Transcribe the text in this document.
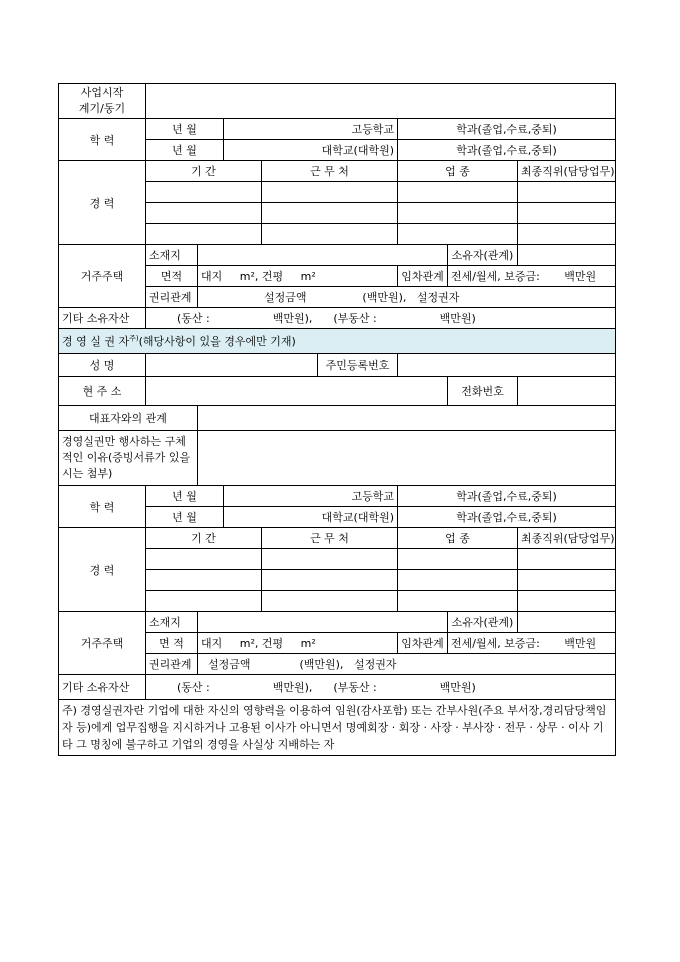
사업시작
계기/동기								
학 력	년 월		고등학교			학과(졸업,수료,중퇴)		
	년 월		대학교(대학원)			학과(졸업,수료,중퇴)		
경 력	기 간			근 무 처		업 종		최종직위(담당업무)

거주주택	소재지						소유자(관계)	
	면적	대지 m², 건평 m²				임차관계	전세/월세, 보증금: 백만원	
	권리관계	설정금액 (백만원), 설정권자						
기타 소유자산	(동산 : 백만원), (부동산 : 백만원)							
경 영 실 권 자$^{주)}$(해당사항이 있을 경우에만 기재)								
성 명					주민등록번호			
현 주 소							전화번호	
대표자와의 관계								
경영실권만 행사하는 구체적인 이유(증빙서류가 있을시는 첨부)								
학 력	년 월		고등학교			학과(졸업,수료,중퇴)		
	년 월		대학교(대학원)			학과(졸업,수료,중퇴)		
경 력	기 간			근 무 처		업 종		최종직위(담당업무)

거주주택	소재지						소유자(관계)	
	면 적	대지 m², 건평 m²				임차관계	전세/월세, 보증금: 백만원	
	권리관계	설정금액 (백만원), 설정권자						
기타 소유자산	(동산 : 백만원), (부동산 : 백만원)							
주) 경영실권자란 기업에 대한 자신의 영향력을 이용하여 임원(감사포함) 또는 간부사원(주요 부서장,경리담당책임자 등)에게 업무집행을 지시하거나 고용된 이사가 아니면서 명예회장 · 회장 · 사장 · 부사장 · 전무 · 상무 · 이사 기타 그 명칭에 불구하고 기업의 경영을 사실상 지배하는 자								
